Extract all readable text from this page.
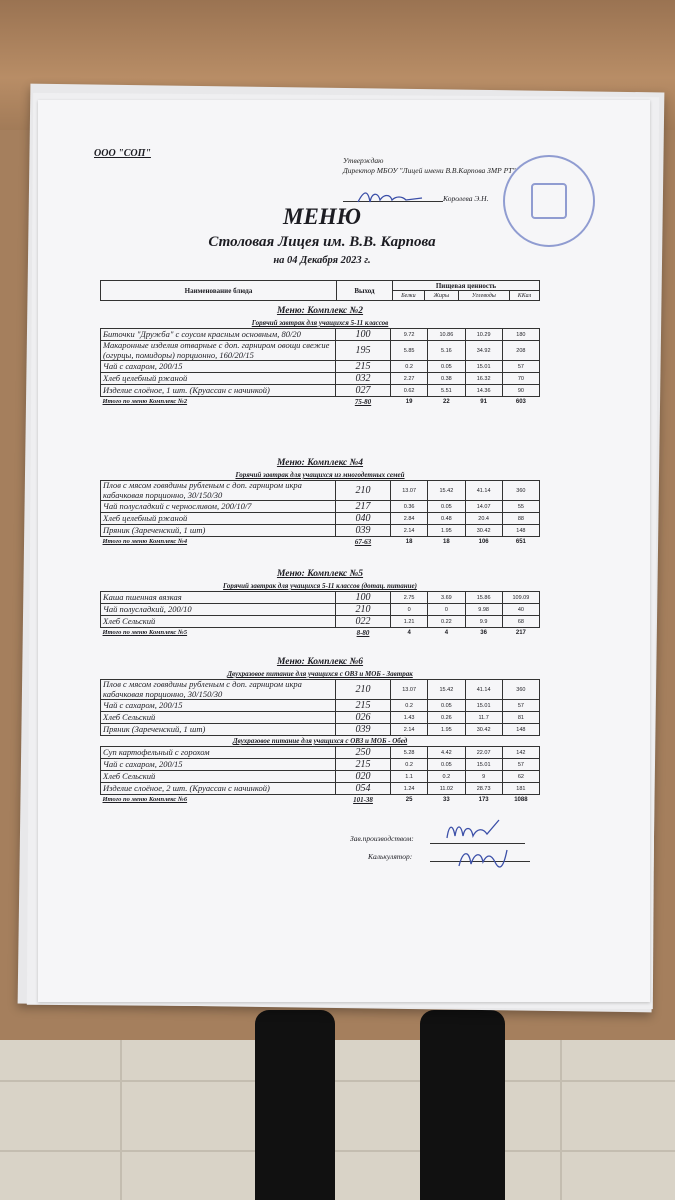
ООО "СОП"
Утверждаю
Директор МБОУ "Лицей имени В.В.Карпова ЗМР РТ"
Королева Э.Н.
МЕНЮ
Столовая Лицея им. В.В. Карпова
на 04 Декабря 2023 г.
Наименование блюда	Выход	Пищевая ценность			
		Белки	Жиры	Углеводы	ККал
Меню: Комплекс №2
Горячий завтрак для учащихся 5-11 классов
Биточки "Дружба" с соусом красным основным, 80/20	100	9.72	10.86	10.29	180
Макаронные изделия отварные с доп. гарниром овощи свежие (огурцы, помидоры) порционно, 160/20/15	195	5.85	5.16	34.92	208
Чай с сахаром, 200/15	215	0.2	0.05	15.01	57
Хлеб целебный ржаной	032	2.27	0.38	16.32	70
Изделие слоёное, 1 шт. (Круассан с начинкой)	027	0.62	5.51	14.36	90
Итого по меню Комплекс №2	75-80	19	22	91	603
Меню: Комплекс №4
Горячий завтрак для учащихся из многодетных семей
Плов с мясом говядины рубленым с доп. гарниром икра кабачковая порционно, 30/150/30	210	13.07	15.42	41.14	360
Чай полусладкий с черносливом, 200/10/7	217	0.36	0.05	14.07	55
Хлеб целебный ржаной	040	2.84	0.48	20.4	88
Пряник (Зареченский, 1 шт)	039	2.14	1.95	30.42	148
Итого по меню Комплекс №4	67-63	18	18	106	651
Меню: Комплекс №5
Горячий завтрак для учащихся 5-11 классов (дотац. питание)
Каша пшенная вязкая	100	2.75	3.69	15.86	109.09
Чай полусладкий, 200/10	210	0	0	9.98	40
Хлеб Сельский	022	1.21	0.22	9.9	68
Итого по меню Комплекс №5	8-80	4	4	36	217
Меню: Комплекс №6
Двухразовое питание для учащихся с ОВЗ и МОБ - Завтрак
Плов с мясом говядины рубленым с доп. гарниром икра кабачковая порционно, 30/150/30	210	13.07	15.42	41.14	360
Чай с сахаром, 200/15	215	0.2	0.05	15.01	57
Хлеб Сельский	026	1.43	0.26	11.7	81
Пряник (Зареченский, 1 шт)	039	2.14	1.95	30.42	148
Двухразовое питание для учащихся с ОВЗ и МОБ - Обед
Суп картофельный с горохом	250	5.28	4.42	22.07	142
Чай с сахаром, 200/15	215	0.2	0.05	15.01	57
Хлеб Сельский	020	1.1	0.2	9	62
Изделие слоёное, 2 шт. (Круассан с начинкой)	054	1.24	11.02	28.73	181
Итого по меню Комплекс №6	101-38	25	33	173	1088
Зав.производством:
Калькулятор:
